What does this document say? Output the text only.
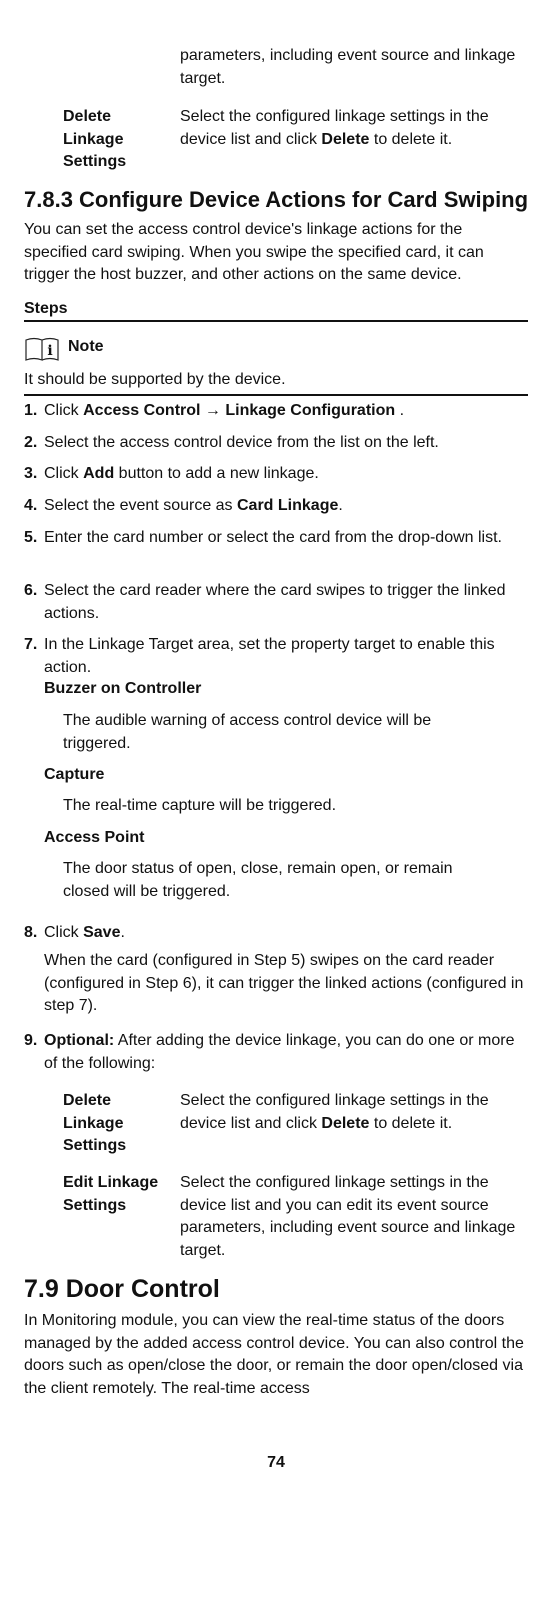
parameters, including event source and linkage target.
Delete Linkage Settings
Select the configured linkage settings in the device list and click Delete to delete it.
7.8.3 Configure Device Actions for Card Swiping
You can set the access control device's linkage actions for the specified card swiping. When you swipe the specified card, it can trigger the host buzzer, and other actions on the same device.
Steps
i Note
It should be supported by the device.
1. Click Access Control → Linkage Configuration .
2. Select the access control device from the list on the left.
3. Click Add button to add a new linkage.
4. Select the event source as Card Linkage.
5. Enter the card number or select the card from the drop-down list.
6. Select the card reader where the card swipes to trigger the linked actions.
7. In the Linkage Target area, set the property target to enable this action.
Buzzer on Controller
The audible warning of access control device will be triggered.
Capture
The real-time capture will be triggered.
Access Point
The door status of open, close, remain open, or remain closed will be triggered.
8. Click Save.
When the card (configured in Step 5) swipes on the card reader (configured in Step 6), it can trigger the linked actions (configured in step 7).
9. Optional: After adding the device linkage, you can do one or more of the following:
Delete Linkage Settings
Select the configured linkage settings in the device list and click Delete to delete it.
Edit Linkage Settings
Select the configured linkage settings in the device list and you can edit its event source parameters, including event source and linkage target.
7.9 Door Control
In Monitoring module, you can view the real-time status of the doors managed by the added access control device. You can also control the doors such as open/close the door, or remain the door open/closed via the client remotely. The real-time access
74
